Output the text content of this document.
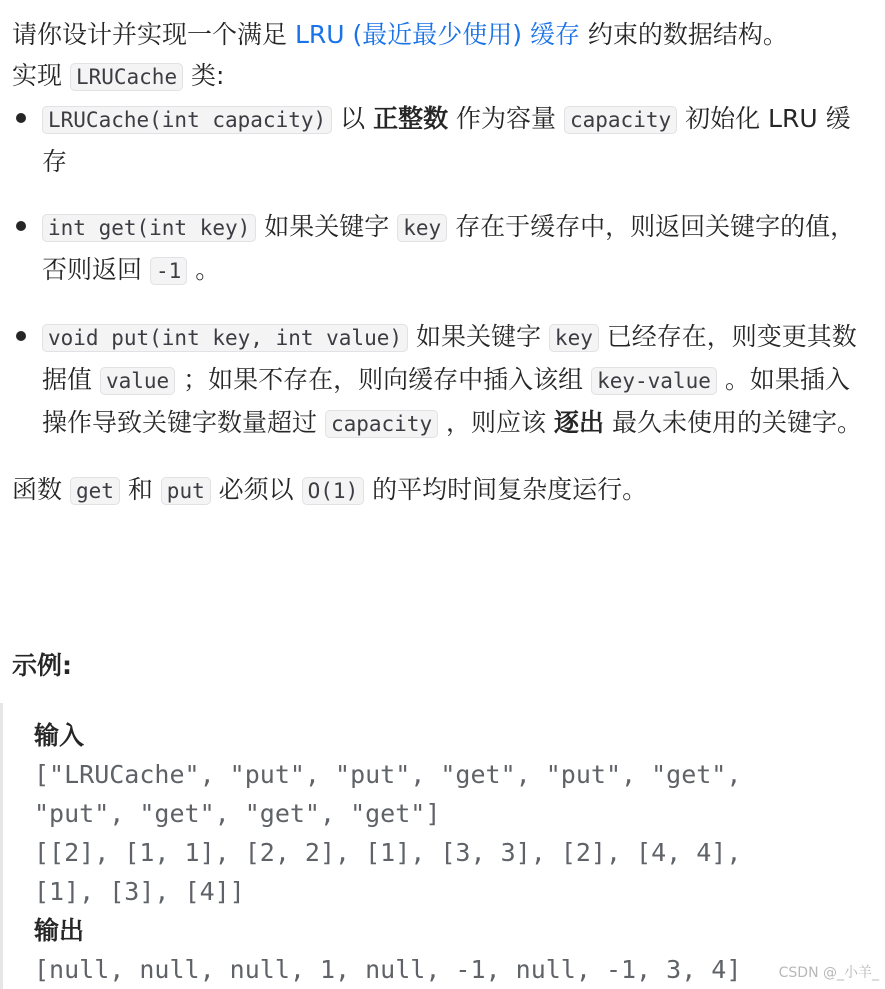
请你设计并实现一个满足 LRU (最近最少使用) 缓存 约束的数据结构。
实现 LRUCache 类:

LRUCache(int capacity) 以 正整数 作为容量 capacity 初始化 LRU 缓存
int get(int key) 如果关键字 key 存在于缓存中，则返回关键字的值，否则返回 -1 。
void put(int key, int value) 如果关键字 key 已经存在，则变更其数据值 value ；如果不存在，则向缓存中插入该组 key-value 。如果插入操作导致关键字数量超过 capacity ，则应该 逐出 最久未使用的关键字。

函数 get 和 put 必须以 O(1) 的平均时间复杂度运行。

示例:

输入

["LRUCache", "put", "put", "get", "put", "get",

"put", "get", "get", "get"]

[[2], [1, 1], [2, 2], [1], [3, 3], [2], [4, 4],

[1], [3], [4]]

输出

[null, null, null, 1, null, -1, null, -1, 3, 4]	CSDN @_小羊_
